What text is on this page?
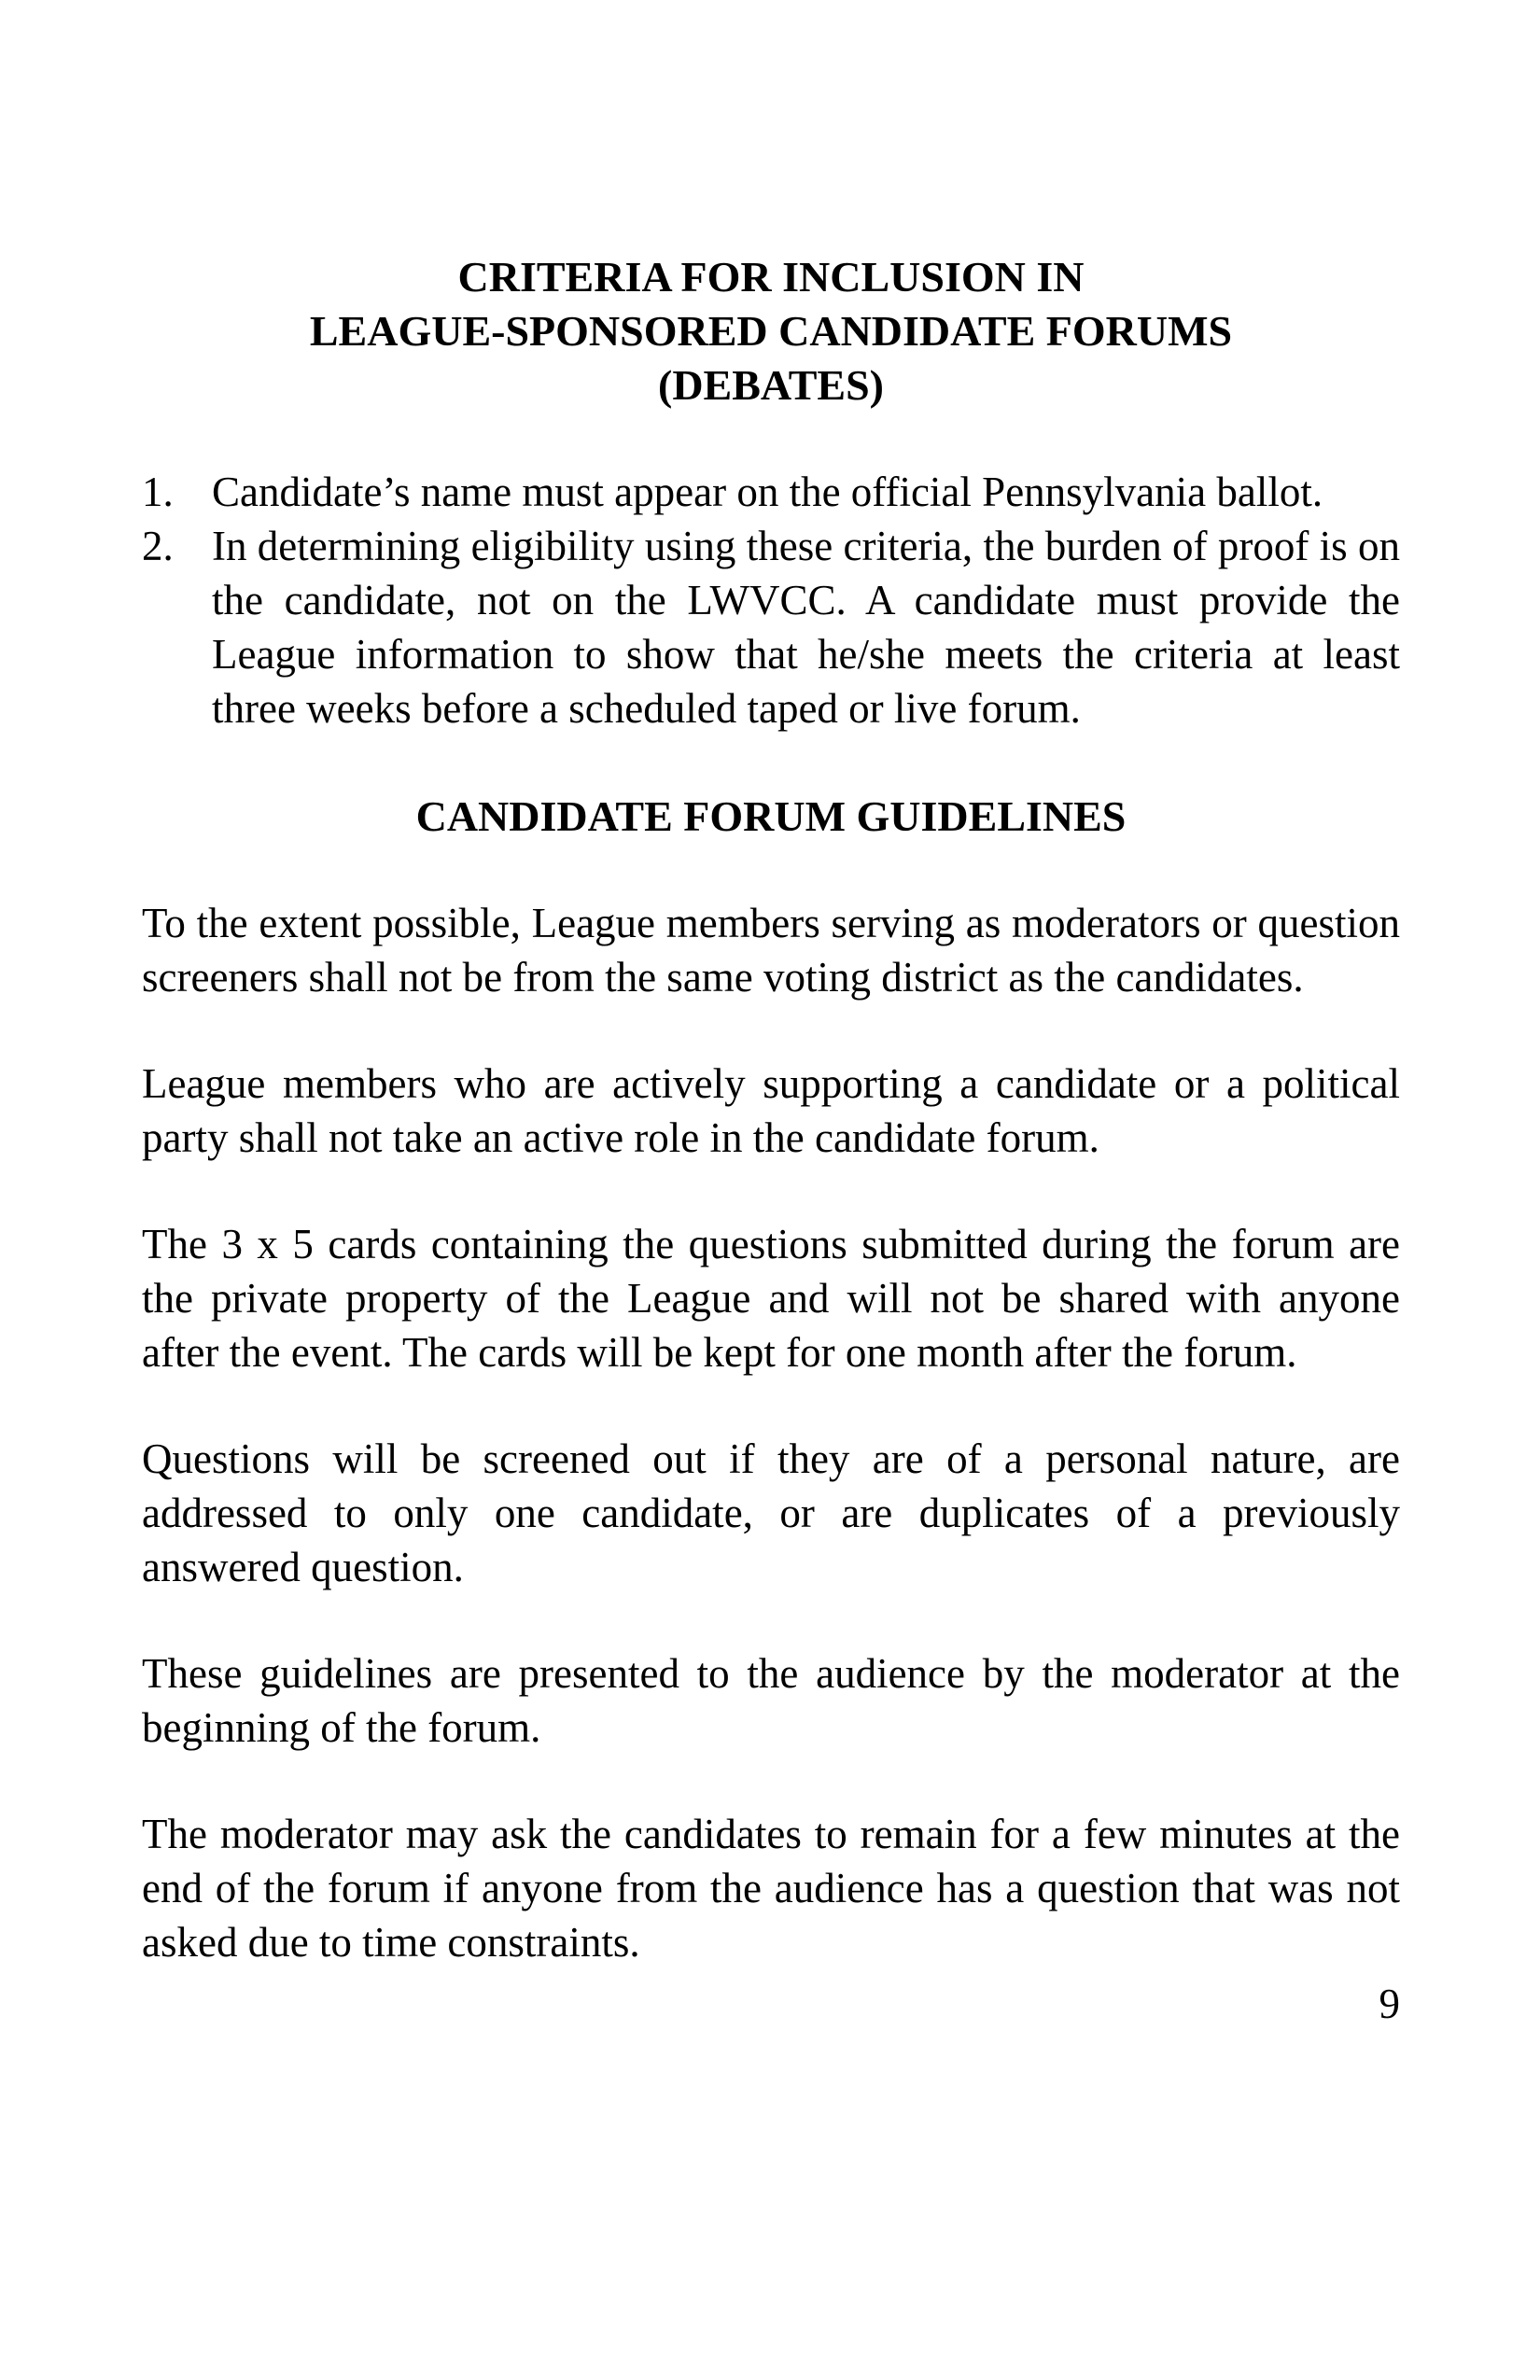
CRITERIA FOR INCLUSION IN
LEAGUE-SPONSORED CANDIDATE FORUMS
(DEBATES)
1. Candidate’s name must appear on the official Pennsylvania ballot.
2. In determining eligibility using these criteria, the burden of proof is on the candidate, not on the LWVCC. A candidate must provide the League information to show that he/she meets the criteria at least three weeks before a scheduled taped or live forum.
CANDIDATE FORUM GUIDELINES

To the extent possible, League members serving as moderators or question screeners shall not be from the same voting district as the candidates.

League members who are actively supporting a candidate or a political party shall not take an active role in the candidate forum.

The 3 x 5 cards containing the questions submitted during the forum are the private property of the League and will not be shared with anyone after the event. The cards will be kept for one month after the forum.

Questions will be screened out if they are of a personal nature, are addressed to only one candidate, or are duplicates of a previously answered question.

These guidelines are presented to the audience by the moderator at the beginning of the forum.

The moderator may ask the candidates to remain for a few minutes at the end of the forum if anyone from the audience has a question that was not asked due to time constraints.

9
